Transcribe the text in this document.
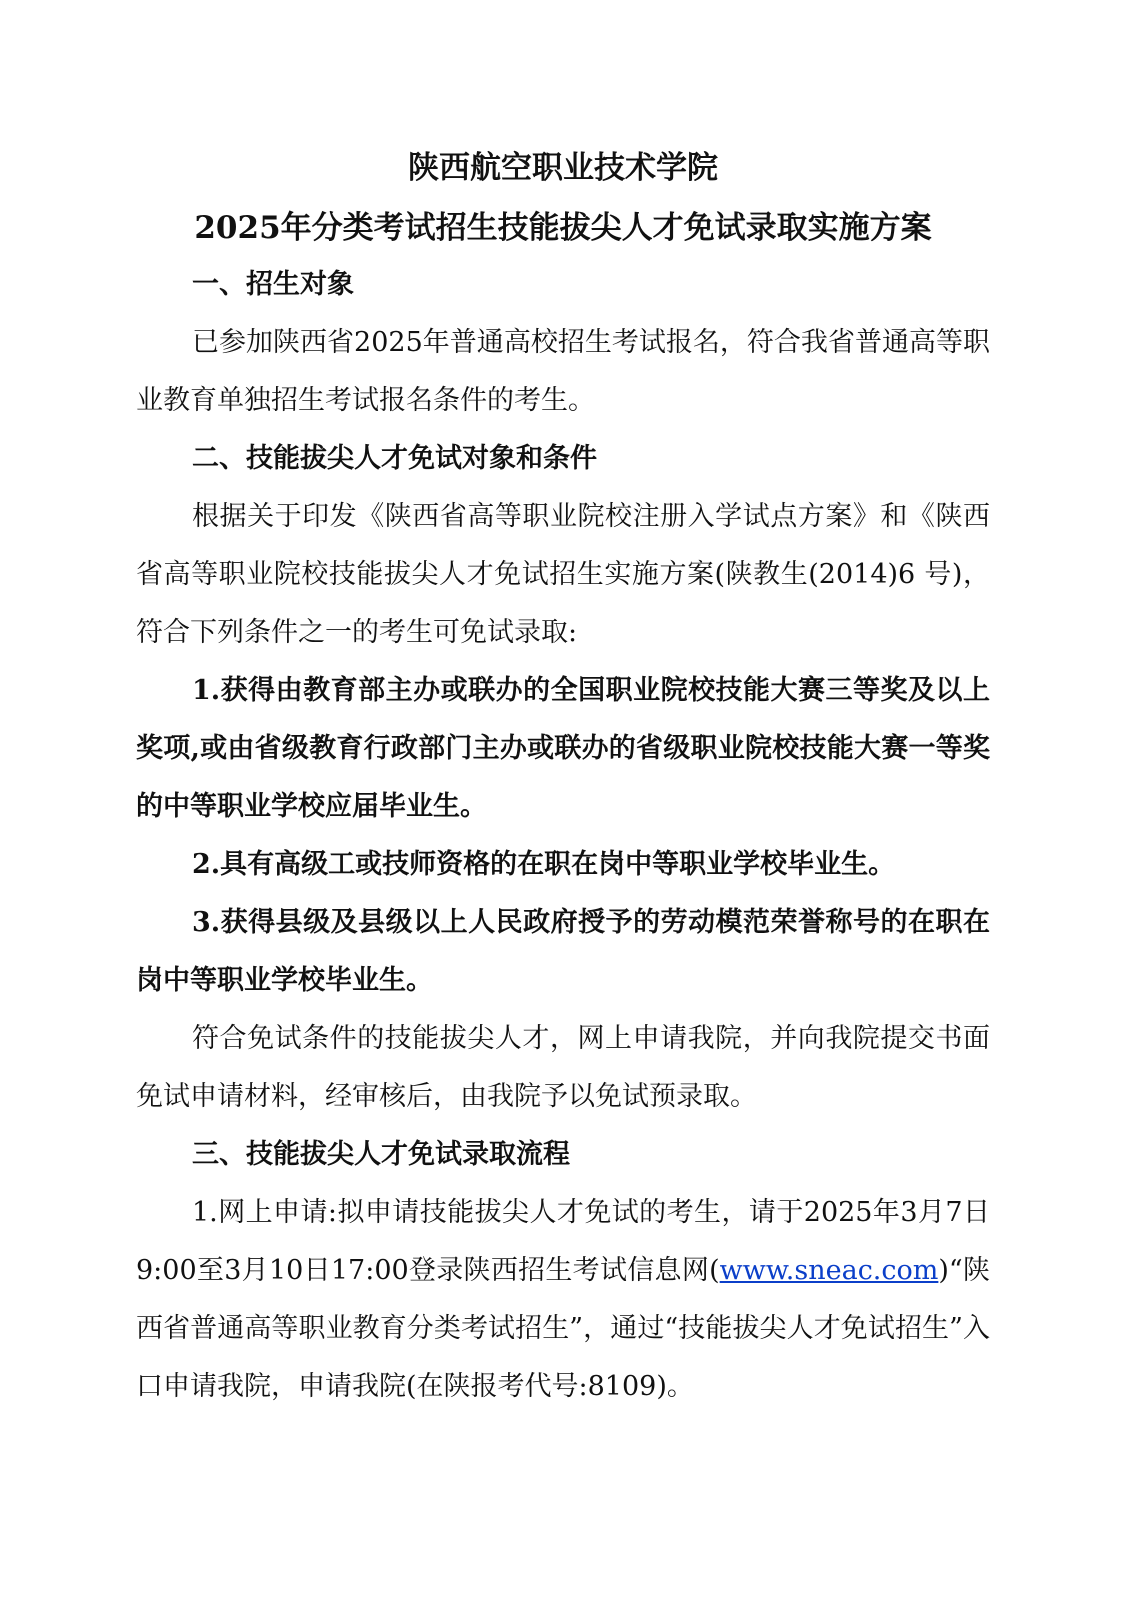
陕西航空职业技术学院

2025年分类考试招生技能拔尖人才免试录取实施方案

一、招生对象

已参加陕西省2025年普通高校招生考试报名，符合我省普通高等职业教育单独招生考试报名条件的考生。

二、技能拔尖人才免试对象和条件

根据关于印发《陕西省高等职业院校注册入学试点方案》和《陕西省高等职业院校技能拔尖人才免试招生实施方案(陕教生(2014)6 号)，符合下列条件之一的考生可免试录取:

1.获得由教育部主办或联办的全国职业院校技能大赛三等奖及以上奖项,或由省级教育行政部门主办或联办的省级职业院校技能大赛一等奖的中等职业学校应届毕业生。

2.具有高级工或技师资格的在职在岗中等职业学校毕业生。

3.获得县级及县级以上人民政府授予的劳动模范荣誉称号的在职在岗中等职业学校毕业生。

符合免试条件的技能拔尖人才，网上申请我院，并向我院提交书面免试申请材料，经审核后，由我院予以免试预录取。

三、技能拔尖人才免试录取流程

1.网上申请:拟申请技能拔尖人才免试的考生，请于2025年3月7日9:00至3月10日17:00登录陕西招生考试信息网(www.sneac.com)“陕西省普通高等职业教育分类考试招生”，通过“技能拔尖人才免试招生”入口申请我院，申请我院(在陕报考代号:8109)。
